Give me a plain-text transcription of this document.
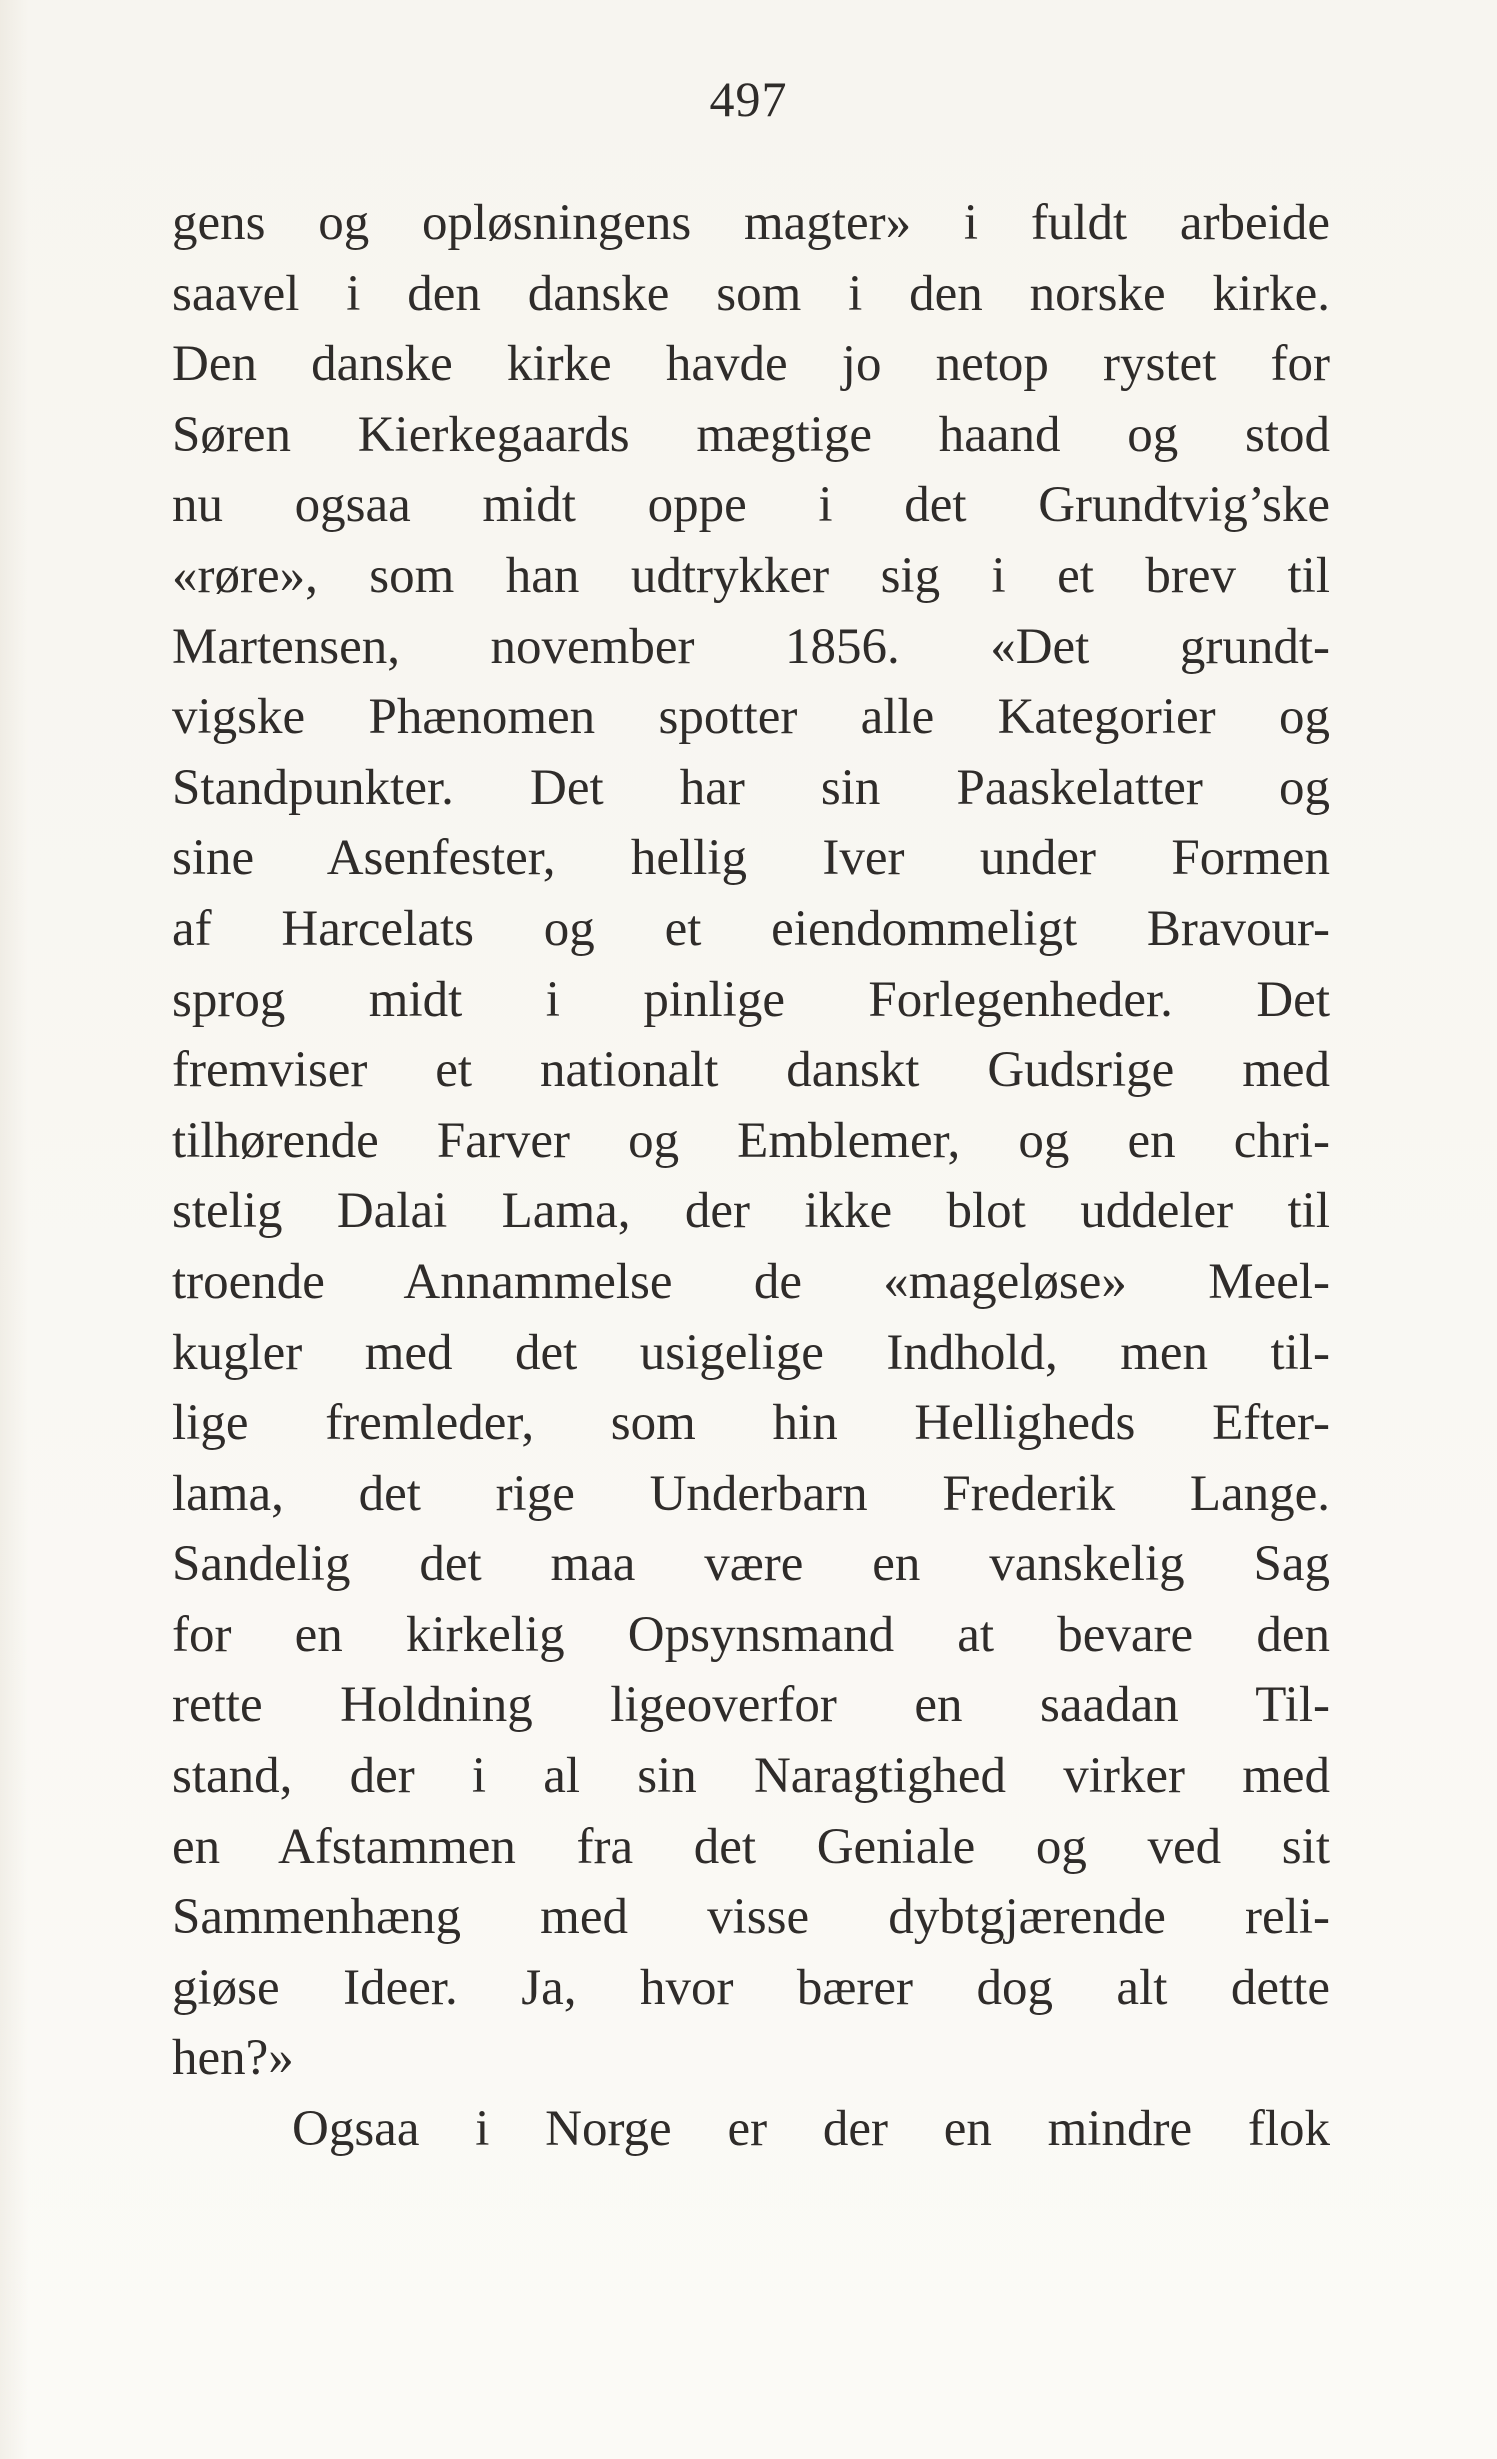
497
gens og opløsningens magter» i fuldt arbeide
saavel i den danske som i den norske kirke.
Den danske kirke havde jo netop rystet for
Søren Kierkegaards mægtige haand og stod
nu ogsaa midt oppe i det Grundtvig’ske
«røre», som han udtrykker sig i et brev til
Martensen, november 1856. «Det grundt-
vigske Phænomen spotter alle Kategorier og
Standpunkter. Det har sin Paaskelatter og
sine Asenfester, hellig Iver under Formen
af Harcelats og et eiendommeligt Bravour-
sprog midt i pinlige Forlegenheder. Det
fremviser et nationalt danskt Gudsrige med
tilhørende Farver og Emblemer, og en chri-
stelig Dalai Lama, der ikke blot uddeler til
troende Annammelse de «mageløse» Meel-
kugler med det usigelige Indhold, men til-
lige fremleder, som hin Helligheds Efter-
lama, det rige Underbarn Frederik Lange.
Sandelig det maa være en vanskelig Sag
for en kirkelig Opsynsmand at bevare den
rette Holdning ligeoverfor en saadan Til-
stand, der i al sin Naragtighed virker med
en Afstammen fra det Geniale og ved sit
Sammenhæng med visse dybtgjærende reli-
giøse Ideer. Ja, hvor bærer dog alt dette
hen?»
Ogsaa i Norge er der en mindre flok
